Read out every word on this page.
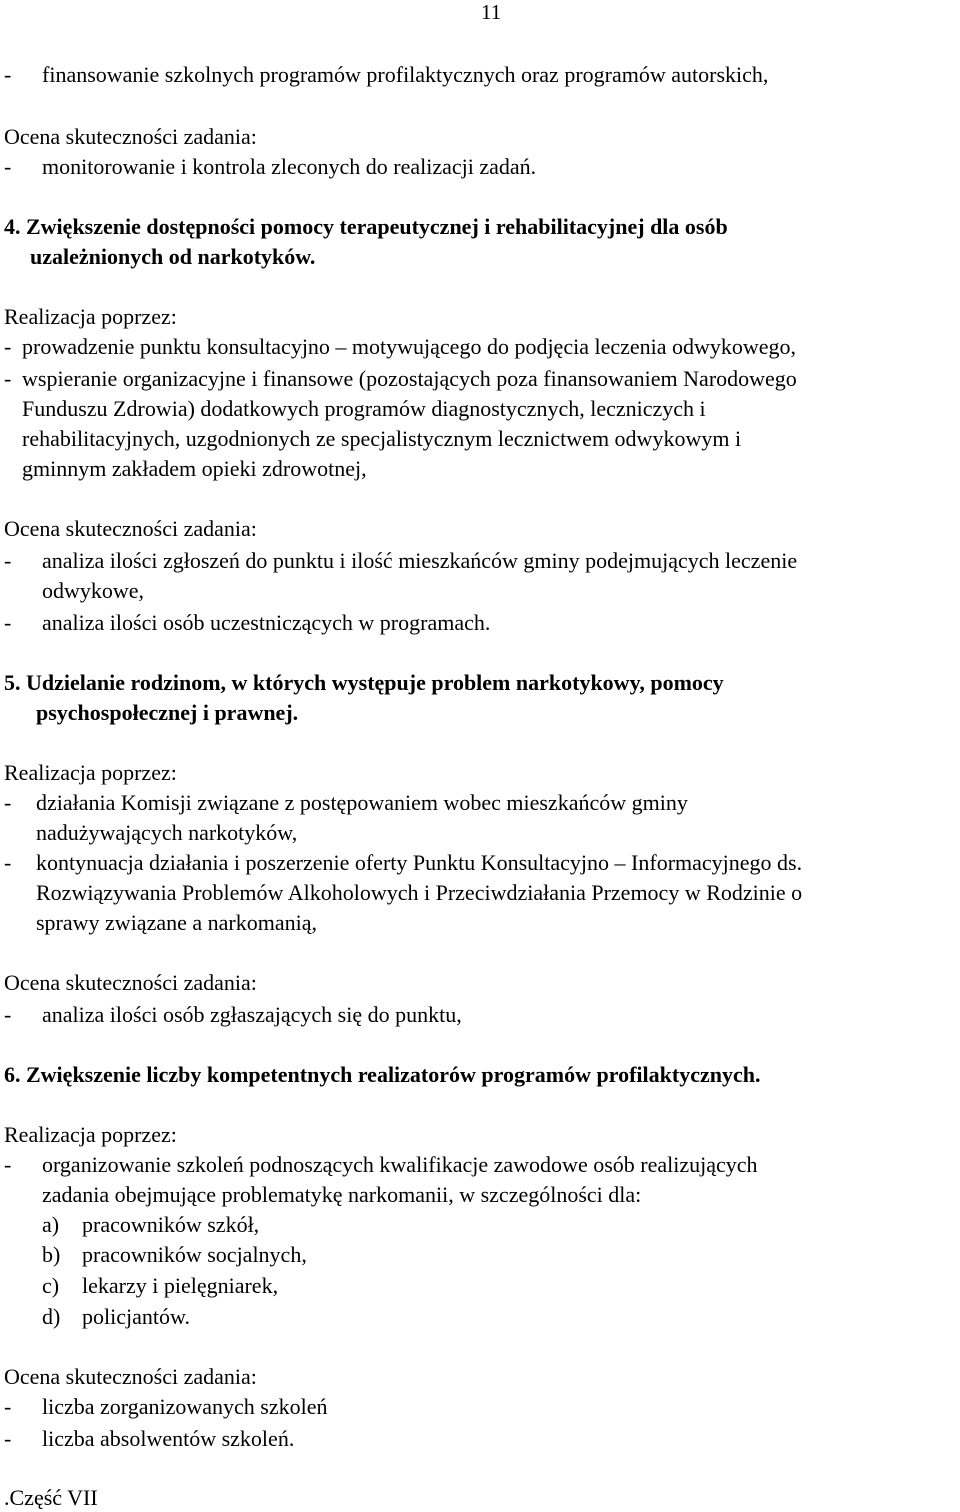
11
- finansowanie szkolnych programów profilaktycznych oraz programów autorskich,
Ocena skuteczności zadania:
- monitorowanie i kontrola zleconych do realizacji zadań.
4. Zwiększenie dostępności pomocy terapeutycznej i rehabilitacyjnej dla osób
uzależnionych od narkotyków.
Realizacja poprzez:
- prowadzenie punktu konsultacyjno – motywującego do podjęcia leczenia odwykowego,
- wspieranie organizacyjne i finansowe (pozostających poza finansowaniem Narodowego
Funduszu Zdrowia) dodatkowych programów diagnostycznych, leczniczych i
rehabilitacyjnych, uzgodnionych ze specjalistycznym lecznictwem odwykowym i
gminnym zakładem opieki zdrowotnej,
Ocena skuteczności zadania:
- analiza ilości zgłoszeń do punktu i ilość mieszkańców gminy podejmujących leczenie
odwykowe,
- analiza ilości osób uczestniczących w programach.
5. Udzielanie rodzinom, w których występuje problem narkotykowy, pomocy
psychospołecznej i prawnej.
Realizacja poprzez:
- działania Komisji związane z postępowaniem wobec mieszkańców gminy
nadużywających narkotyków,
- kontynuacja działania i poszerzenie oferty Punktu Konsultacyjno – Informacyjnego ds.
Rozwiązywania Problemów Alkoholowych i Przeciwdziałania Przemocy w Rodzinie o
sprawy związane a narkomanią,
Ocena skuteczności zadania:
- analiza ilości osób zgłaszających się do punktu,
6. Zwiększenie liczby kompetentnych realizatorów programów profilaktycznych.
Realizacja poprzez:
- organizowanie szkoleń podnoszących kwalifikacje zawodowe osób realizujących
zadania obejmujące problematykę narkomanii, w szczególności dla:
a) pracowników szkół,
b) pracowników socjalnych,
c) lekarzy i pielęgniarek,
d) policjantów.
Ocena skuteczności zadania:
- liczba zorganizowanych szkoleń
- liczba absolwentów szkoleń.
.Część VII
